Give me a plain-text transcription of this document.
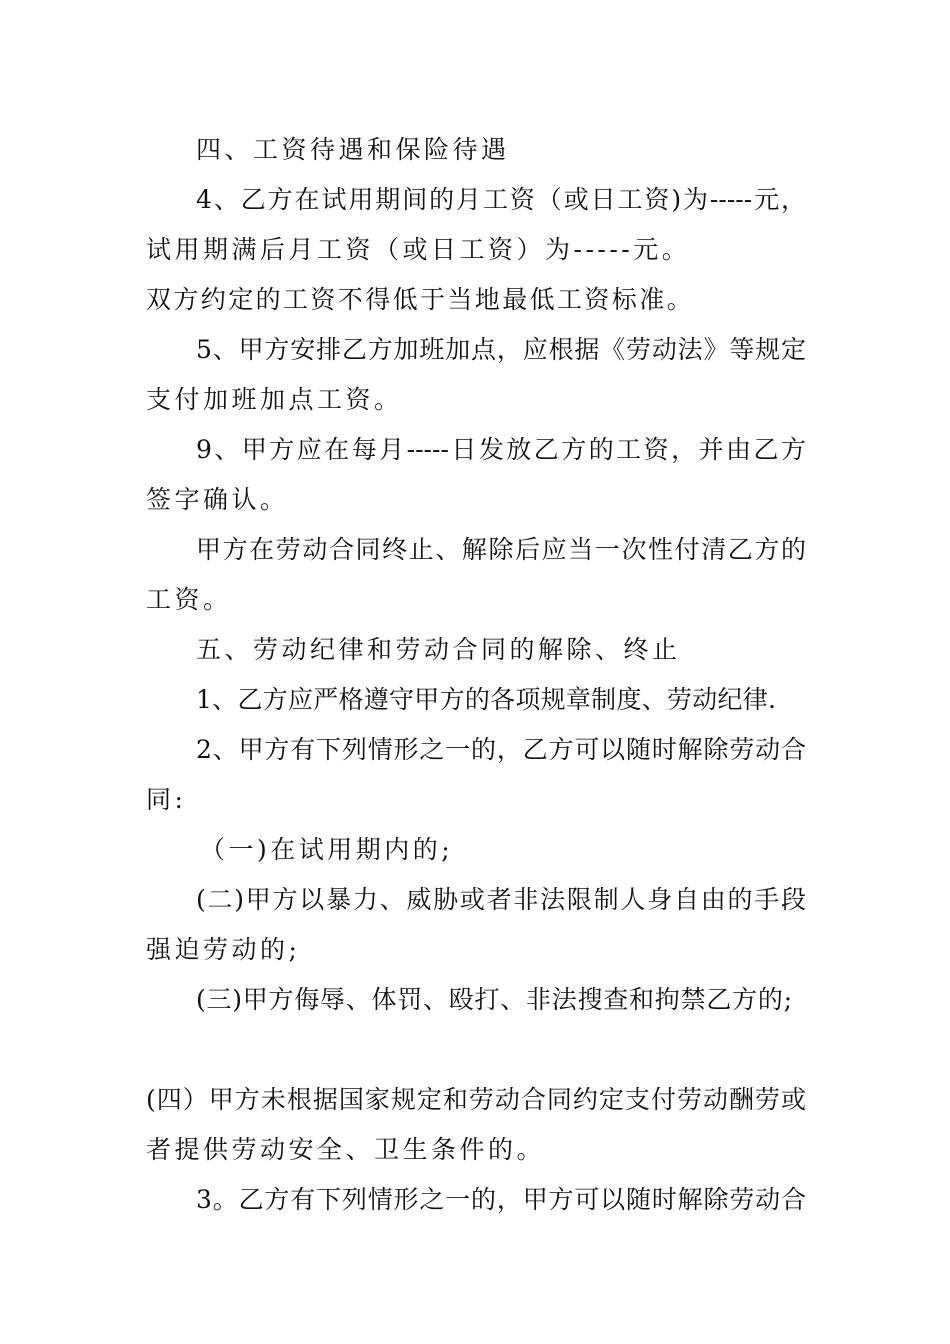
四、工资待遇和保险待遇
4、乙方在试用期间的月工资（或日工资)为-----元，
试用期满后月工资（或日工资）为-----元。
双方约定的工资不得低于当地最低工资标准。
5、甲方安排乙方加班加点，应根据《劳动法》等规定
支付加班加点工资。
9、甲方应在每月-----日发放乙方的工资，并由乙方
签字确认。
甲方在劳动合同终止、解除后应当一次性付清乙方的
工资。
五、劳动纪律和劳动合同的解除、终止
1、乙方应严格遵守甲方的各项规章制度、劳动纪律.
2、甲方有下列情形之一的，乙方可以随时解除劳动合
同:
（一)在试用期内的;
(二)甲方以暴力、威胁或者非法限制人身自由的手段
强迫劳动的;
(三)甲方侮辱、体罚、殴打、非法搜查和拘禁乙方的;
(四）甲方未根据国家规定和劳动合同约定支付劳动酬劳或
者提供劳动安全、卫生条件的。
3。乙方有下列情形之一的，甲方可以随时解除劳动合
